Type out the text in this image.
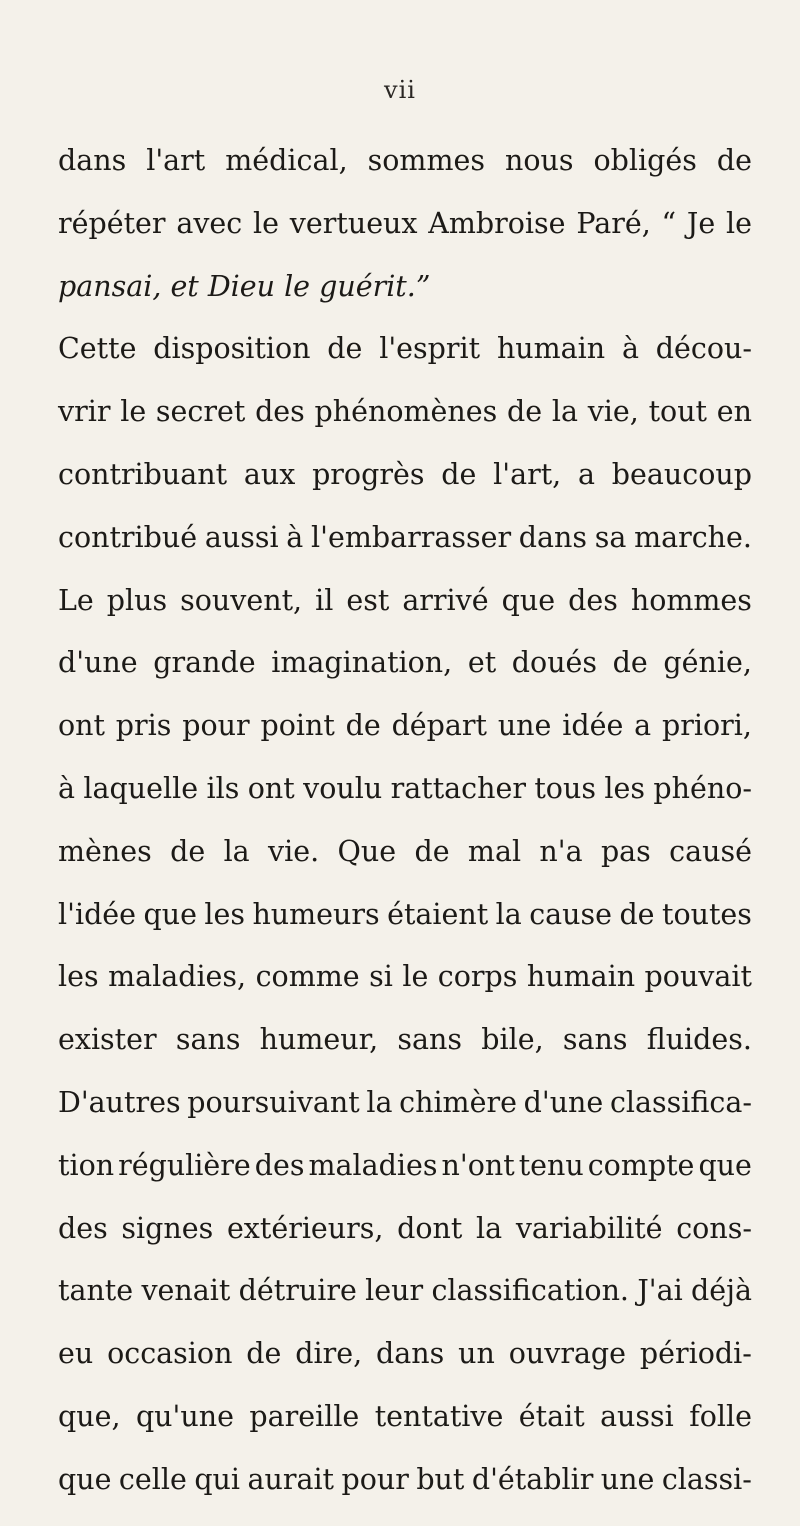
vii
dans l'art médical, sommes nous obligés de
répéter avec le vertueux Ambroise Paré, “ Je le
pansai, et Dieu le guérit.”
Cette disposition de l'esprit humain à décou-
vrir le secret des phénomènes de la vie, tout en
contribuant aux progrès de l'art, a beaucoup
contribué aussi à l'embarrasser dans sa marche.
Le plus souvent, il est arrivé que des hommes
d'une grande imagination, et doués de génie,
ont pris pour point de départ une idée a priori,
à laquelle ils ont voulu rattacher tous les phéno-
mènes de la vie. Que de mal n'a pas causé
l'idée que les humeurs étaient la cause de toutes
les maladies, comme si le corps humain pouvait
exister sans humeur, sans bile, sans fluides.
D'autres poursuivant la chimère d'une classifica-
tion régulière des maladies n'ont tenu compte que
des signes extérieurs, dont la variabilité cons-
tante venait détruire leur classification. J'ai déjà
eu occasion de dire, dans un ouvrage périodi-
que, qu'une pareille tentative était aussi folle
que celle qui aurait pour but d'établir une classi-
